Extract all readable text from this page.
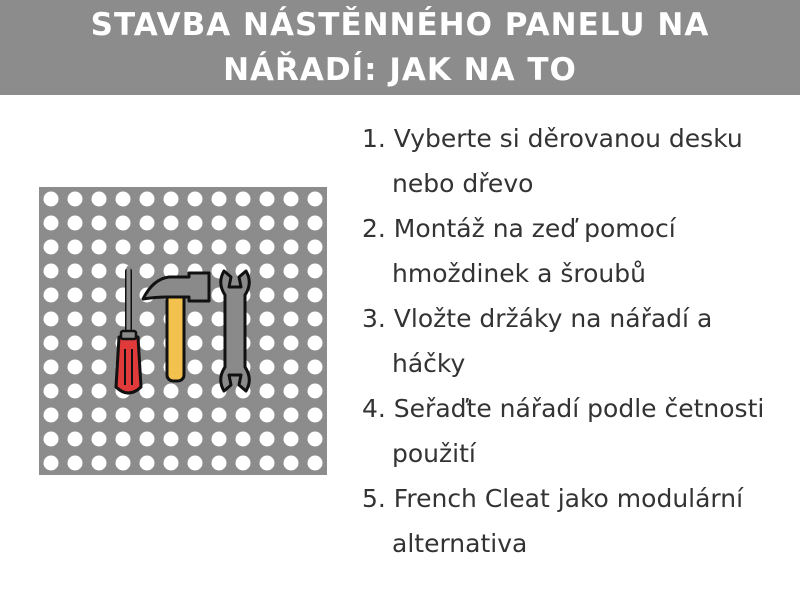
STAVBA NÁSTĚNNÉHO PANELU NA
NÁŘADÍ: JAK NA TO
1. Vyberte si děrovanou desku nebo dřevo
2. Montáž na zeď pomocí hmoždinek a šroubů
3. Vložte držáky na nářadí a háčky
4. Seřaďte nářadí podle četnosti použití
5. French Cleat jako modulární alternativa
